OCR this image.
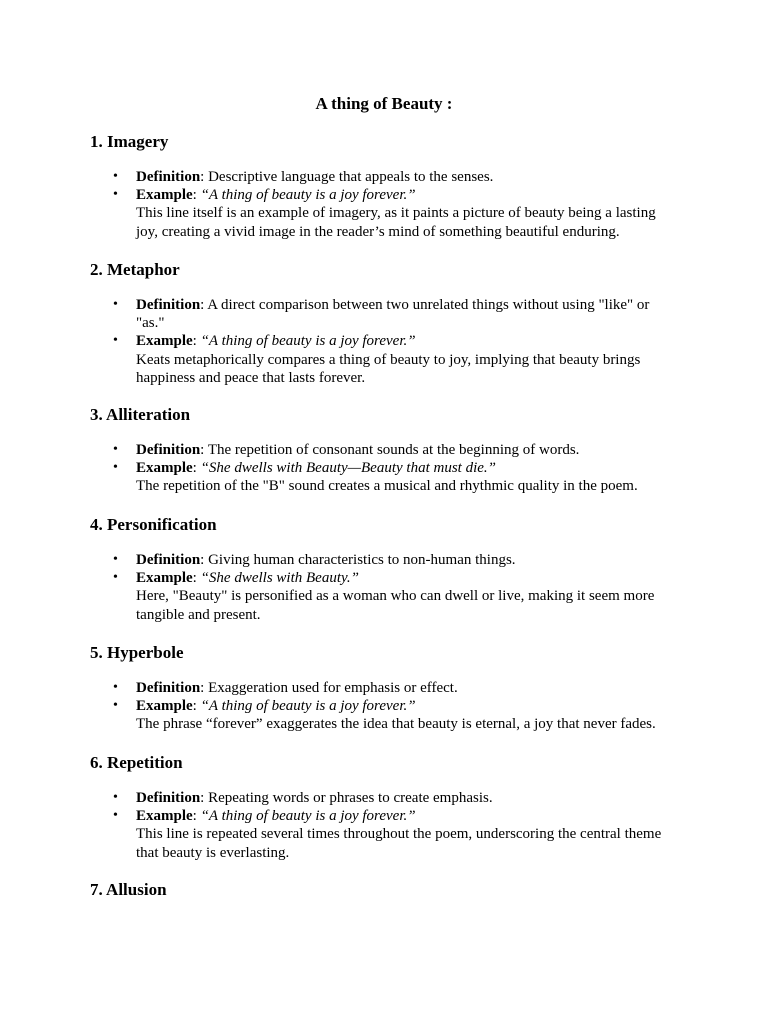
A thing of Beauty :
1. Imagery
• Definition: Descriptive language that appeals to the senses.
• Example: “A thing of beauty is a joy forever.”
This line itself is an example of imagery, as it paints a picture of beauty being a lasting joy, creating a vivid image in the reader’s mind of something beautiful enduring.
2. Metaphor
• Definition: A direct comparison between two unrelated things without using "like" or "as."
• Example: “A thing of beauty is a joy forever.”
Keats metaphorically compares a thing of beauty to joy, implying that beauty brings happiness and peace that lasts forever.
3. Alliteration
• Definition: The repetition of consonant sounds at the beginning of words.
• Example: “She dwells with Beauty—Beauty that must die.”
The repetition of the "B" sound creates a musical and rhythmic quality in the poem.
4. Personification
• Definition: Giving human characteristics to non-human things.
• Example: “She dwells with Beauty.”
Here, "Beauty" is personified as a woman who can dwell or live, making it seem more tangible and present.
5. Hyperbole
• Definition: Exaggeration used for emphasis or effect.
• Example: “A thing of beauty is a joy forever.”
The phrase “forever” exaggerates the idea that beauty is eternal, a joy that never fades.
6. Repetition
• Definition: Repeating words or phrases to create emphasis.
• Example: “A thing of beauty is a joy forever.”
This line is repeated several times throughout the poem, underscoring the central theme that beauty is everlasting.
7. Allusion
